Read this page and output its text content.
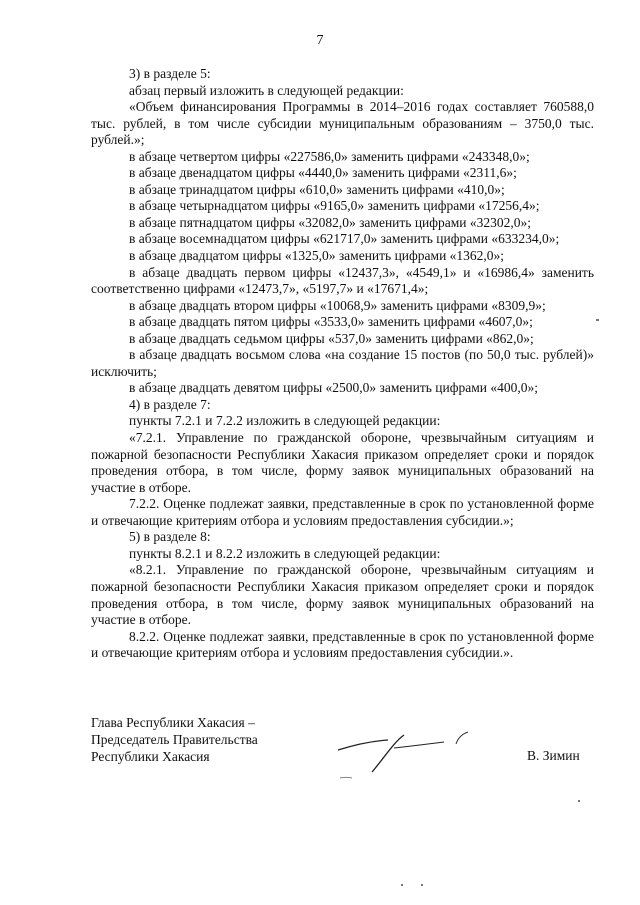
7

3) в разделе 5:

абзац первый изложить в следующей редакции:

«Объем финансирования Программы в 2014–2016 годах составляет 760588,0 тыс. рублей, в том числе субсидии муниципальным образованиям – 3750,0 тыс. рублей.»;

в абзаце четвертом цифры «227586,0» заменить цифрами «243348,0»;

в абзаце двенадцатом цифры «4440,0» заменить цифрами «2311,6»;

в абзаце тринадцатом цифры «610,0» заменить цифрами «410,0»;

в абзаце четырнадцатом цифры «9165,0» заменить цифрами «17256,4»;

в абзаце пятнадцатом цифры «32082,0» заменить цифрами «32302,0»;

в абзаце восемнадцатом цифры «621717,0» заменить цифрами «633234,0»;

в абзаце двадцатом цифры «1325,0» заменить цифрами «1362,0»;

в абзаце двадцать первом цифры «12437,3», «4549,1» и «16986,4» заменить соответственно цифрами «12473,7», «5197,7» и «17671,4»;

в абзаце двадцать втором цифры «10068,9» заменить цифрами «8309,9»;

в абзаце двадцать пятом цифры «3533,0» заменить цифрами «4607,0»;

в абзаце двадцать седьмом цифры «537,0» заменить цифрами «862,0»;

в абзаце двадцать восьмом слова «на создание 15 постов (по 50,0 тыс. рублей)» исключить;

в абзаце двадцать девятом цифры «2500,0» заменить цифрами «400,0»;

4) в разделе 7:

пункты 7.2.1 и 7.2.2 изложить в следующей редакции:

«7.2.1. Управление по гражданской обороне, чрезвычайным ситуациям и пожарной безопасности Республики Хакасия приказом определяет сроки и порядок проведения отбора, в том числе, форму заявок муниципальных образований на участие в отборе.

7.2.2. Оценке подлежат заявки, представленные в срок по установленной форме и отвечающие критериям отбора и условиям предоставления субсидии.»;

5) в разделе 8:

пункты 8.2.1 и 8.2.2 изложить в следующей редакции:

«8.2.1. Управление по гражданской обороне, чрезвычайным ситуациям и пожарной безопасности Республики Хакасия приказом определяет сроки и порядок проведения отбора, в том числе, форму заявок муниципальных образований на участие в отборе.

8.2.2. Оценке подлежат заявки, представленные в срок по установленной форме и отвечающие критериям отбора и условиям предоставления субсидии.».

Глава Республики Хакасия –
Председатель Правительства
Республики Хакасия	В. Зимин
